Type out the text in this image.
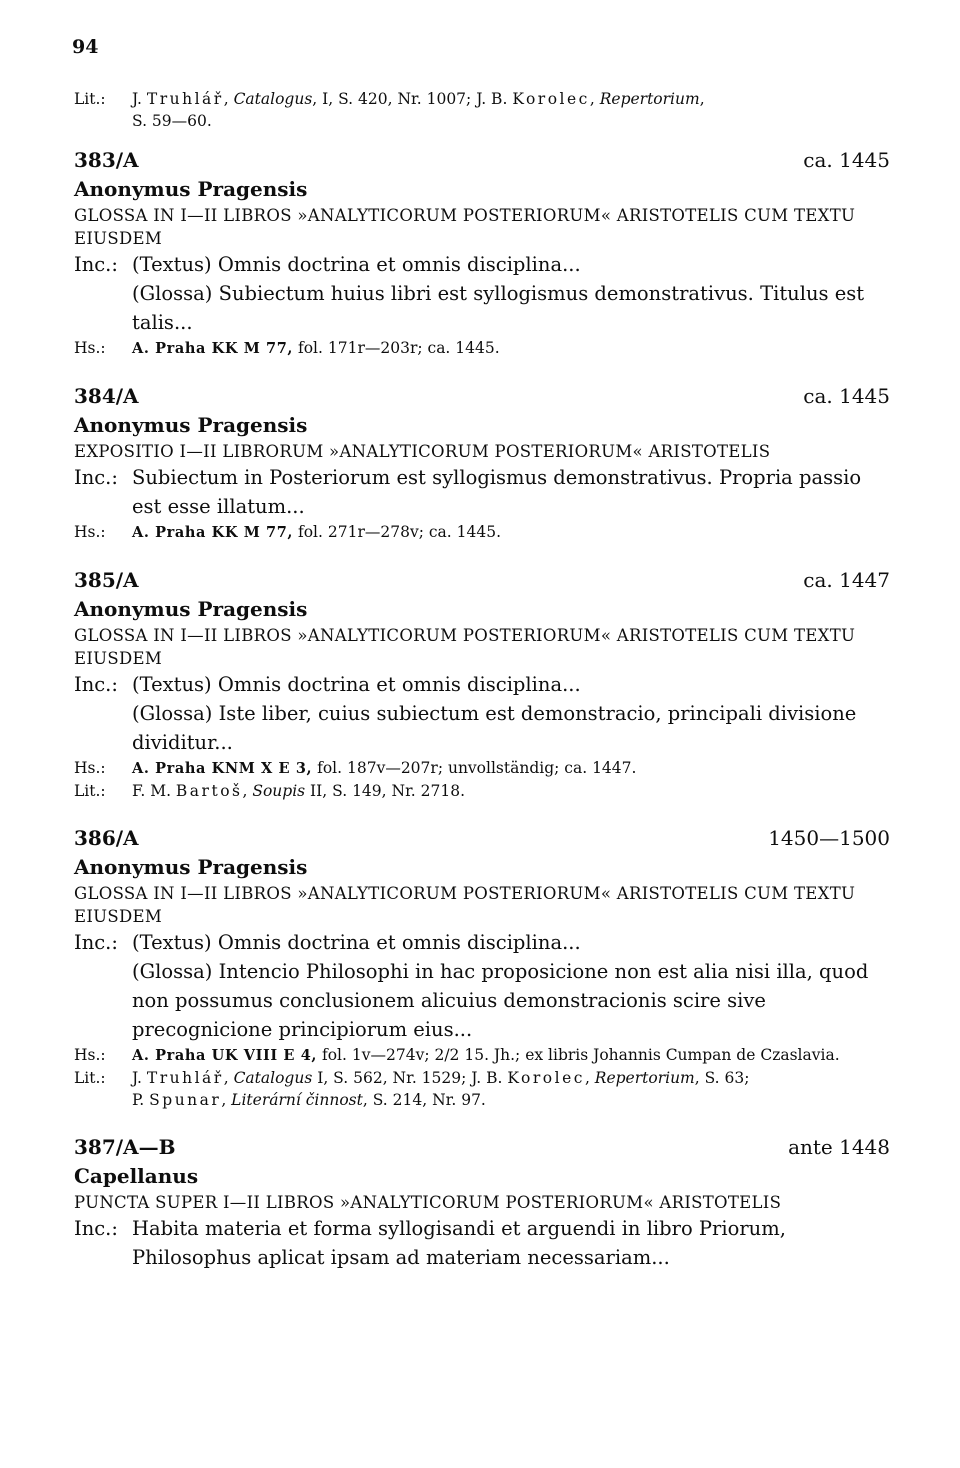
94
Lit.:	J. Truhlář, Catalogus, I, S. 420, Nr. 1007; J. B. Korolec, Repertorium,
S. 59—60.
383/A	ca. 1445
Anonymus Pragensis
GLOSSA IN I—II LIBROS »ANALYTICORUM POSTERIORUM« ARISTOTELIS CUM TEXTU EIUSDEM
Inc.: (Textus) Omnis doctrina et omnis disciplina...
(Glossa) Subiectum huius libri est syllogismus demonstrativus. Titulus est talis...
Hs.:	A. Praha KK M 77, fol. 171r—203r; ca. 1445.
384/A	ca. 1445
Anonymus Pragensis
EXPOSITIO I—II LIBRORUM »ANALYTICORUM POSTERIORUM« ARISTOTELIS
Inc.: Subiectum in Posteriorum est syllogismus demonstrativus. Propria passio est esse illatum...
Hs.:	A. Praha KK M 77, fol. 271r—278v; ca. 1445.
385/A	ca. 1447
Anonymus Pragensis
GLOSSA IN I—II LIBROS »ANALYTICORUM POSTERIORUM« ARISTOTELIS CUM TEXTU EIUSDEM
Inc.: (Textus) Omnis doctrina et omnis disciplina...
(Glossa) Iste liber, cuius subiectum est demonstracio, principali divisione dividitur...
Hs.:	A. Praha KNM X E 3, fol. 187v—207r; unvollständig; ca. 1447.
Lit.:	F. M. Bartoš, Soupis II, S. 149, Nr. 2718.
386/A	1450—1500
Anonymus Pragensis
GLOSSA IN I—II LIBROS »ANALYTICORUM POSTERIORUM« ARISTOTELIS CUM TEXTU EIUSDEM
Inc.: (Textus) Omnis doctrina et omnis disciplina...
(Glossa) Intencio Philosophi in hac proposicione non est alia nisi illa, quod non possumus conclusionem alicuius demonstracionis scire sive precognicione principiorum eius...
Hs.:	A. Praha UK VIII E 4, fol. 1v—274v; 2/2 15. Jh.; ex libris Johannis Cumpan de Czaslavia.
Lit.:	J. Truhlář, Catalogus I, S. 562, Nr. 1529; J. B. Korolec, Repertorium, S. 63;
P. Spunar, Literární činnost, S. 214, Nr. 97.
387/A—B	ante 1448
Capellanus
PUNCTA SUPER I—II LIBROS »ANALYTICORUM POSTERIORUM« ARISTOTELIS
Inc.: Habita materia et forma syllogisandi et arguendi in libro Priorum, Philosophus aplicat ipsam ad materiam necessariam...
